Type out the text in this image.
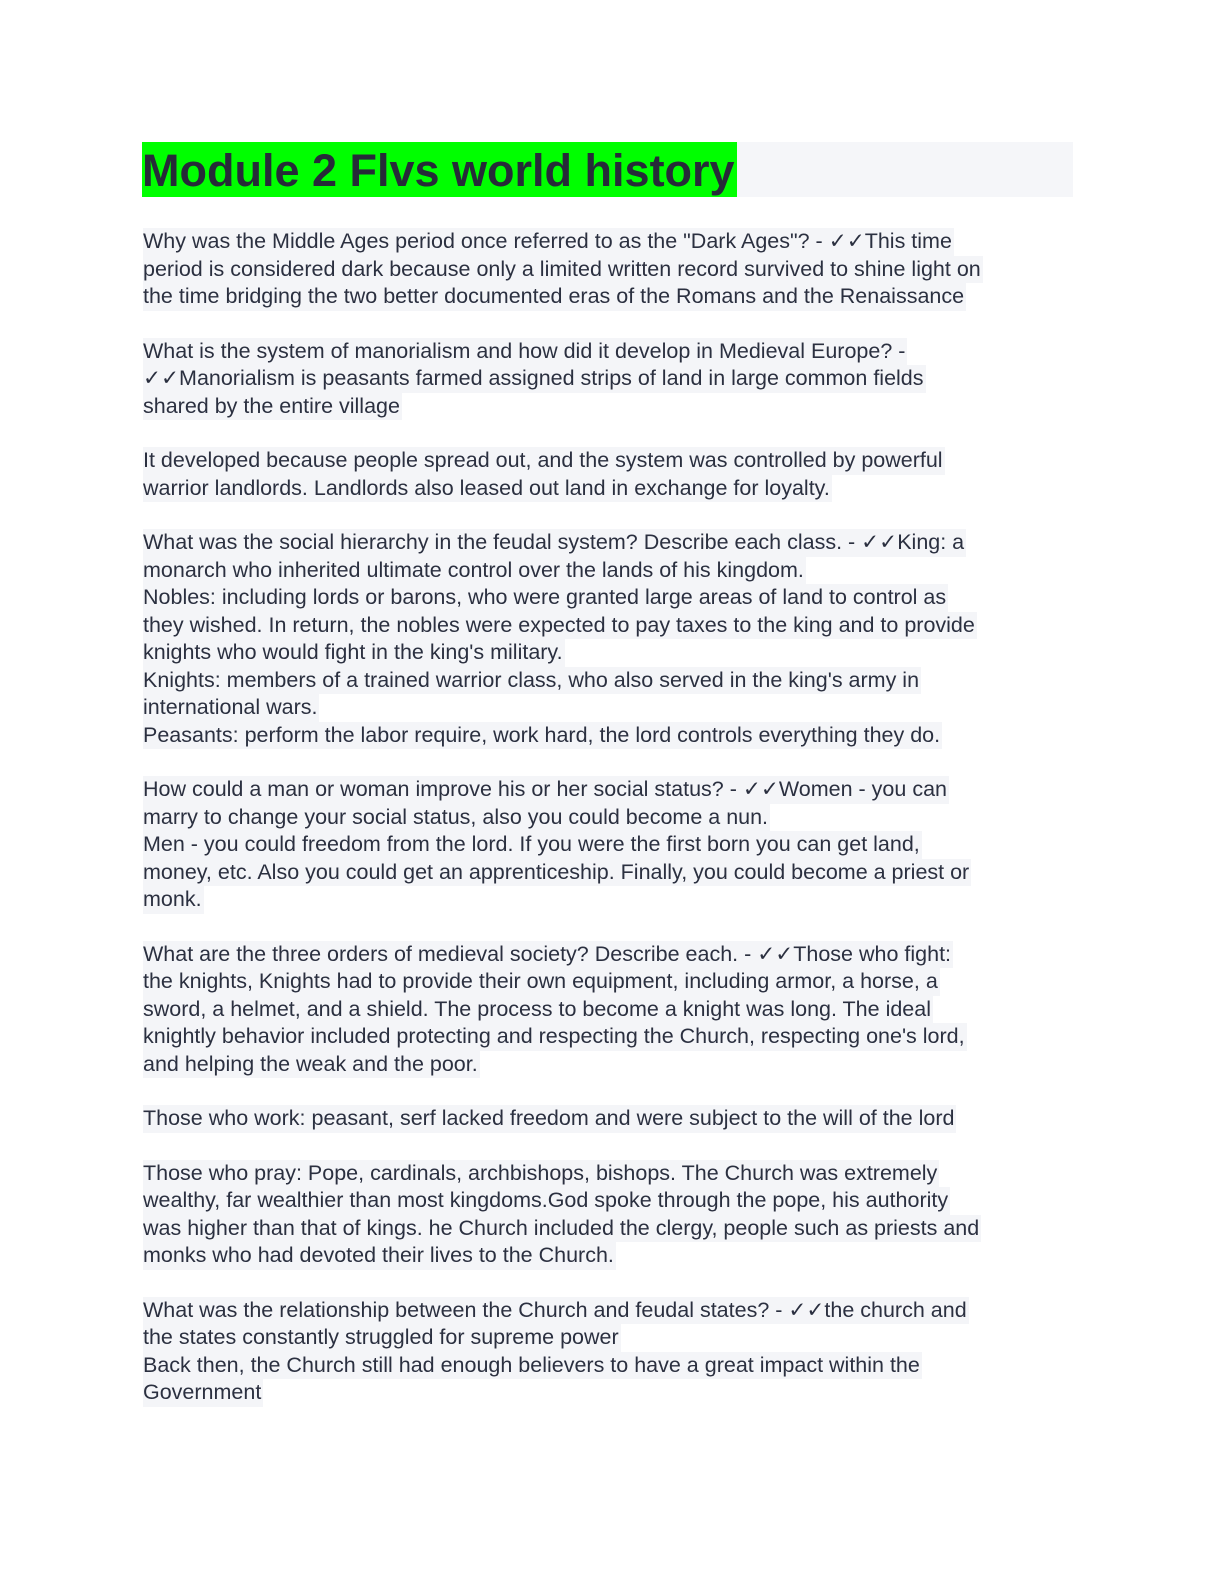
Module 2 Flvs world history
Why was the Middle Ages period once referred to as the "Dark Ages"? - ✓✓This time
period is considered dark because only a limited written record survived to shine light on
the time bridging the two better documented eras of the Romans and the Renaissance

What is the system of manorialism and how did it develop in Medieval Europe? -
✓✓Manorialism is peasants farmed assigned strips of land in large common fields
shared by the entire village

It developed because people spread out, and the system was controlled by powerful
warrior landlords. Landlords also leased out land in exchange for loyalty.

What was the social hierarchy in the feudal system? Describe each class. - ✓✓King: a
monarch who inherited ultimate control over the lands of his kingdom.
Nobles: including lords or barons, who were granted large areas of land to control as
they wished. In return, the nobles were expected to pay taxes to the king and to provide
knights who would fight in the king's military.
Knights: members of a trained warrior class, who also served in the king's army in
international wars.
Peasants: perform the labor require, work hard, the lord controls everything they do.

How could a man or woman improve his or her social status? - ✓✓Women - you can
marry to change your social status, also you could become a nun.
Men - you could freedom from the lord. If you were the first born you can get land,
money, etc. Also you could get an apprenticeship. Finally, you could become a priest or
monk.

What are the three orders of medieval society? Describe each. - ✓✓Those who fight:
the knights, Knights had to provide their own equipment, including armor, a horse, a
sword, a helmet, and a shield. The process to become a knight was long. The ideal
knightly behavior included protecting and respecting the Church, respecting one's lord,
and helping the weak and the poor.

Those who work: peasant, serf lacked freedom and were subject to the will of the lord

Those who pray: Pope, cardinals, archbishops, bishops. The Church was extremely
wealthy, far wealthier than most kingdoms.God spoke through the pope, his authority
was higher than that of kings. he Church included the clergy, people such as priests and
monks who had devoted their lives to the Church.

What was the relationship between the Church and feudal states? - ✓✓the church and
the states constantly struggled for supreme power
Back then, the Church still had enough believers to have a great impact within the
Government
